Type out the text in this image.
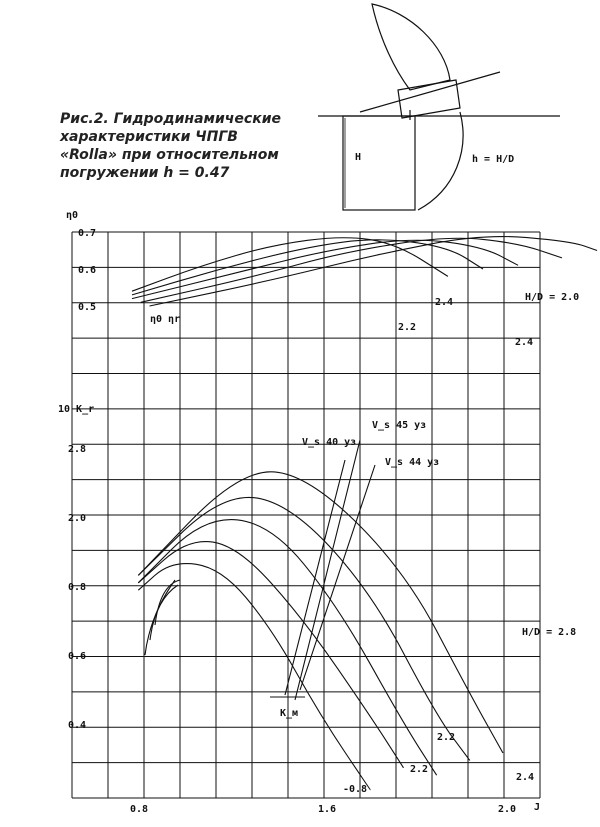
Рис.2. Гидродинамические
характеристики ЧПГВ
«Rolla» при относительном
погружении h = 0.47
H	h = H/D
η0
0.7
0.6
0.5
η0 ηr
H/D = 2.0
2.2
2.4
2.4
10 K_r
2.8
2.0
0.8
0.6
0.4
0.8	1.6	2.0 J
H/D = 2.8
V_s 40 уз
V_s 45 уз
V_s 44 уз
K_м
2.2
2.2
2.4
-0.8
